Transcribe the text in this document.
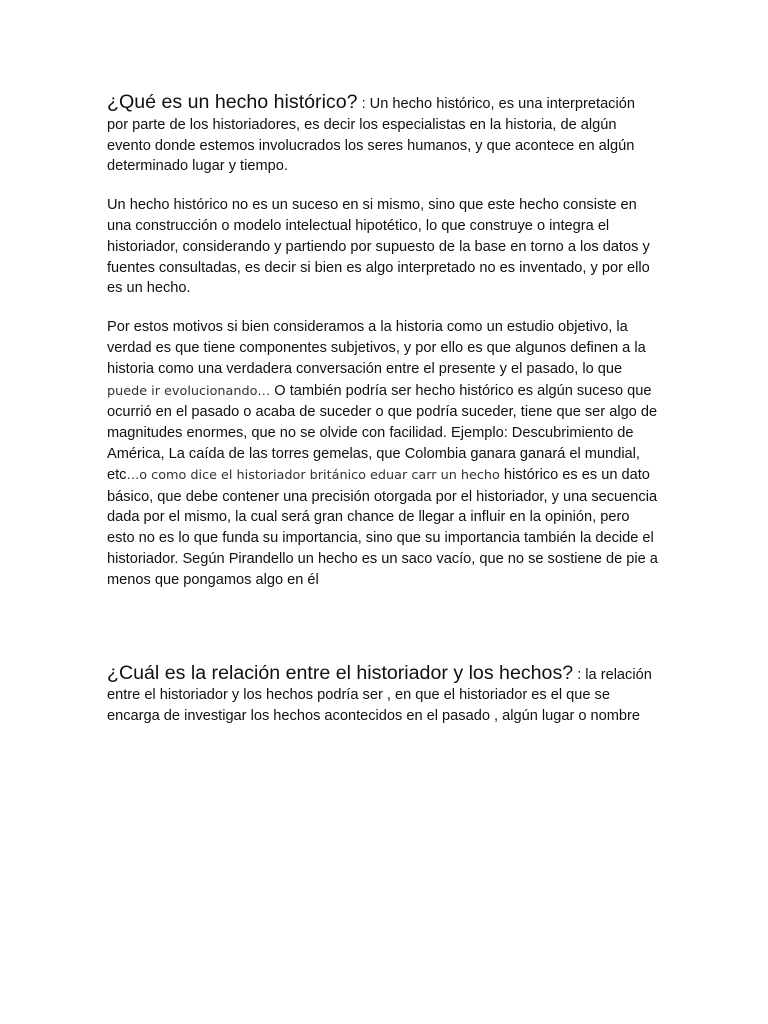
¿Qué es un hecho histórico? : Un hecho histórico, es una interpretación por parte de los historiadores, es decir los especialistas en la historia, de algún evento donde estemos involucrados los seres humanos, y que acontece en algún determinado lugar y tiempo.

Un hecho histórico no es un suceso en si mismo, sino que este hecho consiste en una construcción o modelo intelectual hipotético, lo que construye o integra el historiador, considerando y partiendo por supuesto de la base en torno a los datos y fuentes consultadas, es decir si bien es algo interpretado no es inventado, y por ello es un hecho.

Por estos motivos si bien consideramos a la historia como un estudio objetivo, la verdad es que tiene componentes subjetivos, y por ello es que algunos definen a la historia como una verdadera conversación entre el presente y el pasado, lo que puede ir evolucionando… O también podría ser hecho histórico es algún suceso que ocurrió en el pasado o acaba de suceder o que podría suceder, tiene que ser algo de magnitudes enormes, que no se olvide con facilidad. Ejemplo: Descubrimiento de América, La caída de las torres gemelas, que Colombia ganara ganará el mundial, etc…o como dice el historiador británico eduar carr un hecho histórico es es un dato básico, que debe contener una precisión otorgada por el historiador, y una secuencia dada por el mismo, la cual será gran chance de llegar a influir en la opinión, pero esto no es lo que funda su importancia, sino que su importancia también la decide el historiador. Según Pirandello un hecho es un saco vacío, que no se sostiene de pie a menos que pongamos algo en él

¿Cuál es la relación entre el historiador y los hechos? : la relación entre el historiador y los hechos podría ser , en que el historiador es el que se encarga de investigar los hechos acontecidos en el pasado , algún lugar o nombre
